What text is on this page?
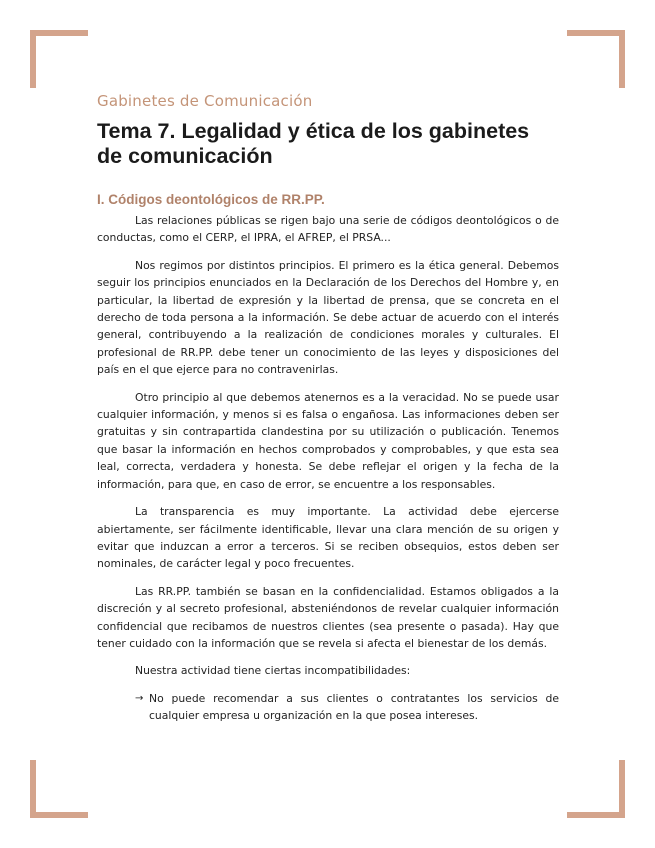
Gabinetes de Comunicación
Tema 7. Legalidad y ética de los gabinetes de comunicación
I. Códigos deontológicos de RR.PP.

Las relaciones públicas se rigen bajo una serie de códigos deontológicos o de conductas, como el CERP, el IPRA, el AFREP, el PRSA...

Nos regimos por distintos principios. El primero es la ética general. Debemos seguir los principios enunciados en la Declaración de los Derechos del Hombre y, en particular, la libertad de expresión y la libertad de prensa, que se concreta en el derecho de toda persona a la información. Se debe actuar de acuerdo con el interés general, contribuyendo a la realización de condiciones morales y culturales. El profesional de RR.PP. debe tener un conocimiento de las leyes y disposiciones del país en el que ejerce para no contravenirlas.

Otro principio al que debemos atenernos es a la veracidad. No se puede usar cualquier información, y menos si es falsa o engañosa. Las informaciones deben ser gratuitas y sin contrapartida clandestina por su utilización o publicación. Tenemos que basar la información en hechos comprobados y comprobables, y que esta sea leal, correcta, verdadera y honesta. Se debe reflejar el origen y la fecha de la información, para que, en caso de error, se encuentre a los responsables.

La transparencia es muy importante. La actividad debe ejercerse abiertamente, ser fácilmente identificable, llevar una clara mención de su origen y evitar que induzcan a error a terceros. Si se reciben obsequios, estos deben ser nominales, de carácter legal y poco frecuentes.

Las RR.PP. también se basan en la confidencialidad. Estamos obligados a la discreción y al secreto profesional, absteniéndonos de revelar cualquier información confidencial que recibamos de nuestros clientes (sea presente o pasada). Hay que tener cuidado con la información que se revela si afecta el bienestar de los demás.

Nuestra actividad tiene ciertas incompatibilidades:

→ No puede recomendar a sus clientes o contratantes los servicios de cualquier empresa u organización en la que posea intereses.
